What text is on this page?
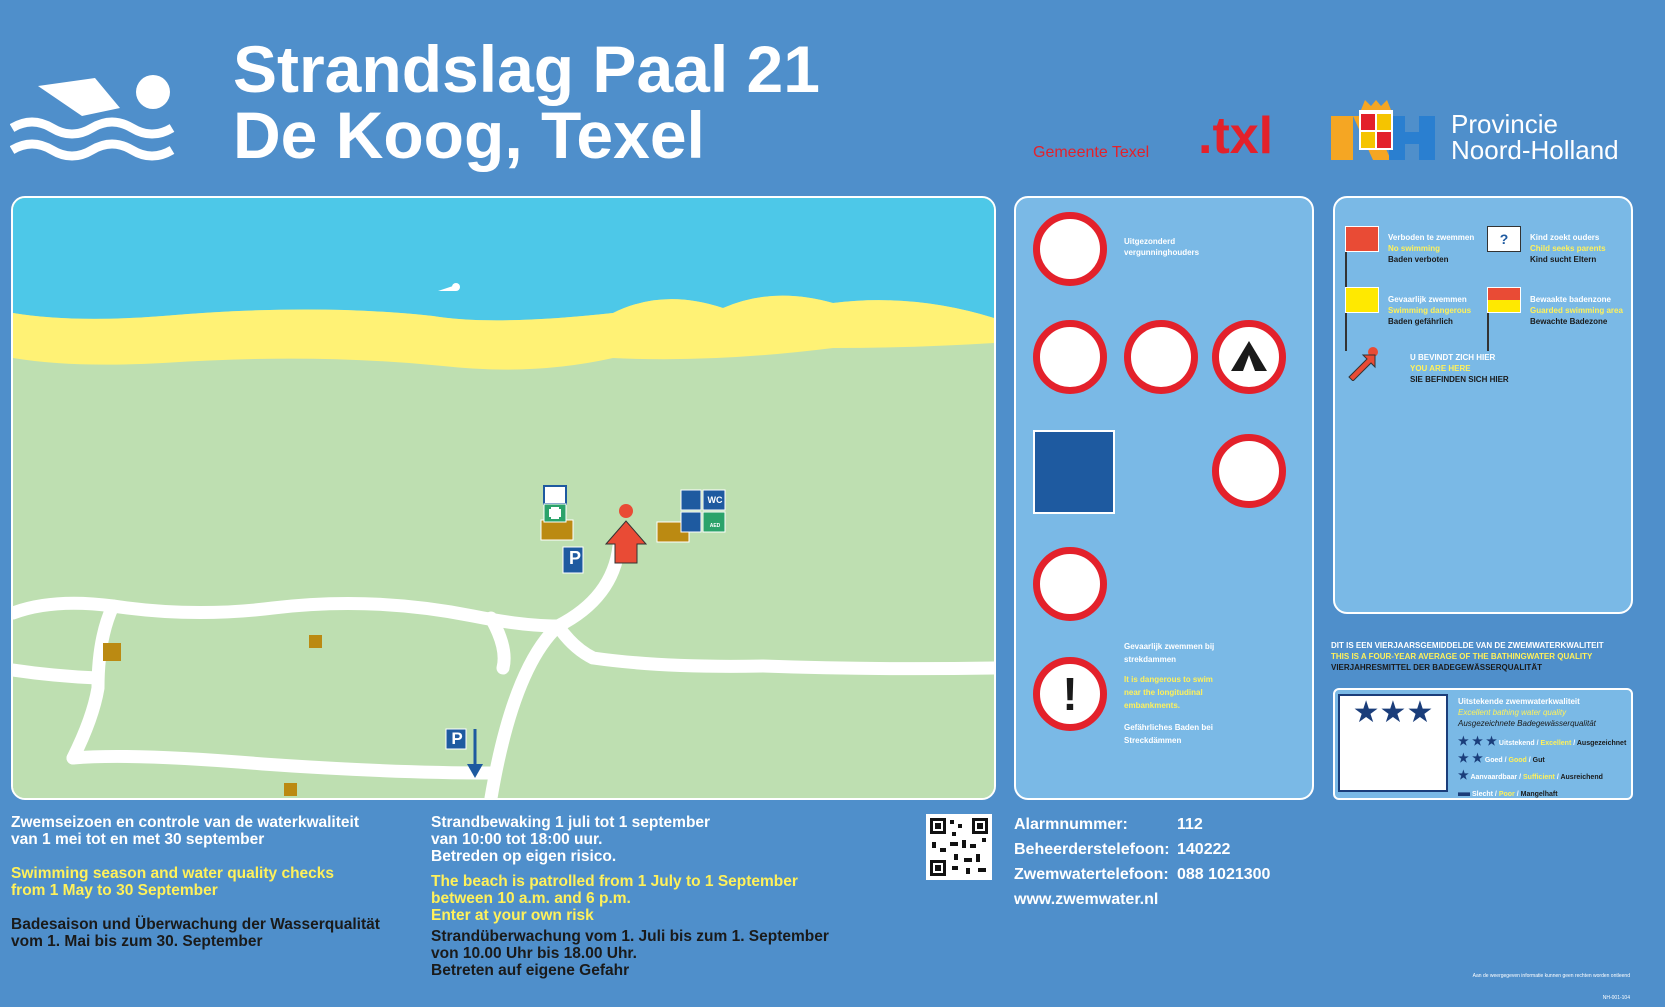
Strandslag Paal 21
De Koog, Texel	Gemeente Texel .txl	Provincie
Noord-Holland
P
P
WC
AED
Uitgezonderd vergunninghouders
!
Gevaarlijk zwemmen bij strekdammen
It is dangerous to swim near the longitudinal embankments.
Gefährliches Baden bei Streckdämmen
Verboden te zwemmen
No swimming
Baden verboten
?	Kind zoekt ouders
Child seeks parents
Kind sucht Eltern
Gevaarlijk zwemmen
Swimming dangerous
Baden gefährlich
Bewaakte badenzone
Guarded swimming area
Bewachte Badezone
U BEVINDT ZICH HIER
YOU ARE HERE
SIE BEFINDEN SICH HIER
DIT IS EEN VIERJAARSGEMIDDELDE VAN DE ZWEMWATERKWALITEIT
THIS IS A FOUR-YEAR AVERAGE OF THE BATHINGWATER QUALITY
VIERJAHRESMITTEL DER BADEGEWÄSSERQUALITÄT
★★★	Uitstekende zwemwaterkwaliteit
Excellent bathing water quality
Ausgezeichnete Badegewässerqualität
★ ★ ★ Uitstekend / Excellent / Ausgezeichnet
★ ★ Goed / Good / Gut
★ Aanvaardbaar / Sufficient / Ausreichend
▬ Slecht / Poor / Mangelhaft
Zwemseizoen en controle van de waterkwaliteit
van 1 mei tot en met 30 september
Swimming season and water quality checks
from 1 May to 30 September
Badesaison und Überwachung der Wasserqualität
vom 1. Mai bis zum 30. September
Strandbewaking 1 juli tot 1 september
van 10:00 tot 18:00 uur.
Betreden op eigen risico.
The beach is patrolled from 1 July to 1 September
between 10 a.m. and 6 p.m.
Enter at your own risk
Strandüberwachung vom 1. Juli bis zum 1. September
von 10.00 Uhr bis 18.00 Uhr.
Betreten auf eigene Gefahr
Alarmnummer:	112
Beheerderstelefoon: 140222
Zwemwatertelefoon: 088 1021300
www.zwemwater.nl
Aan de weergegeven informatie kunnen geen rechten worden ontleend
NH-001-104
